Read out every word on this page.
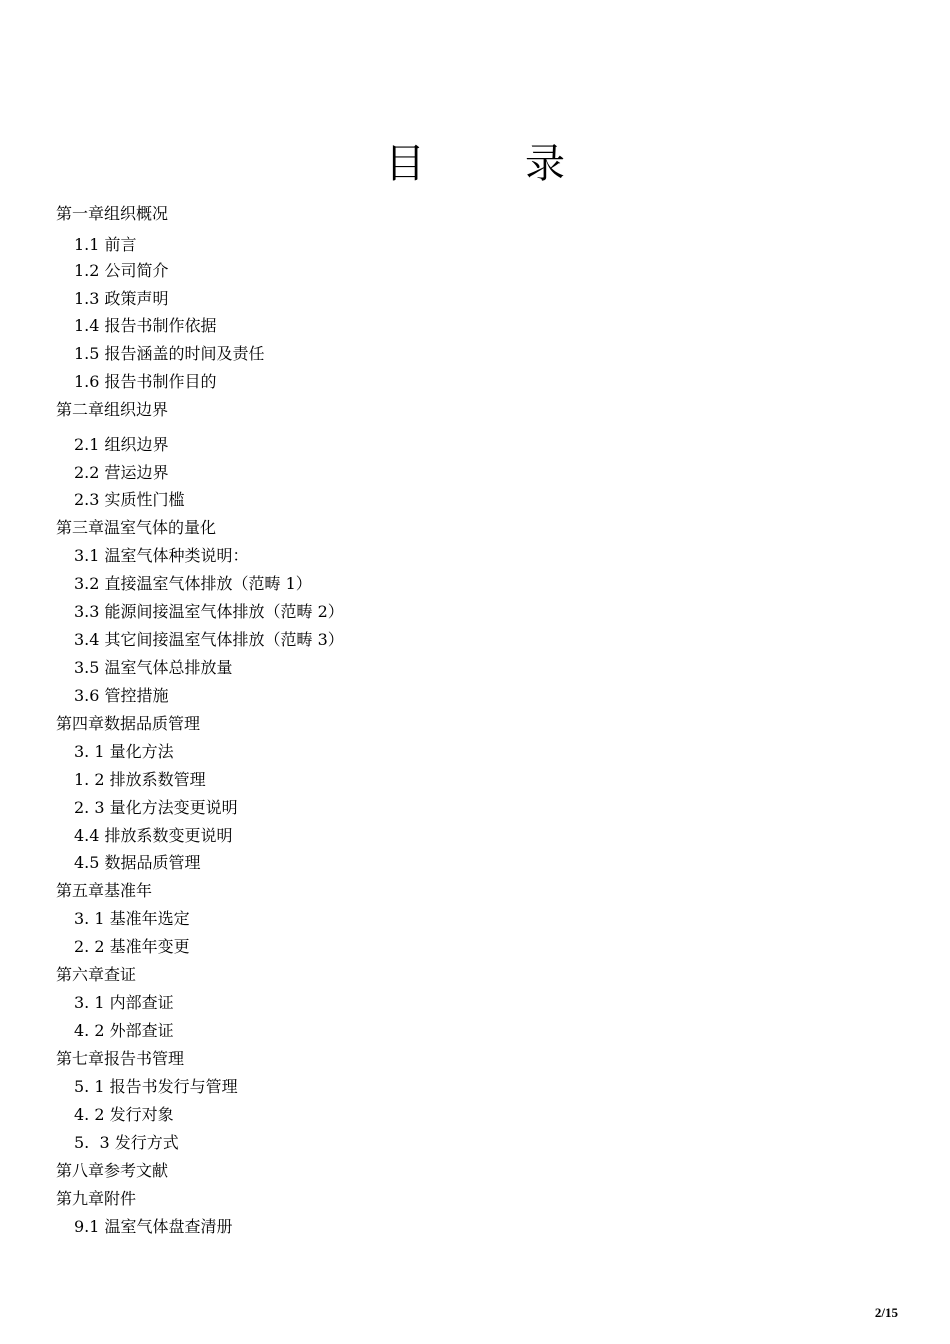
目	录
第一章组织概况
1.1 前言
1.2 公司简介
1.3 政策声明
1.4 报告书制作依据
1.5 报告涵盖的时间及责任
1.6 报告书制作目的
第二章组织边界
2.1 组织边界
2.2 营运边界
2.3 实质性门槛
第三章温室气体的量化
3.1 温室气体种类说明：
3.2 直接温室气体排放（范畴 1）
3.3 能源间接温室气体排放（范畴 2）
3.4 其它间接温室气体排放（范畴 3）
3.5 温室气体总排放量
3.6 管控措施
第四章数据品质管理
3. 1 量化方法
1. 2 排放系数管理
2. 3 量化方法变更说明
4.4 排放系数变更说明
4.5 数据品质管理
第五章基准年
3. 1 基准年选定
2. 2 基准年变更
第六章查证
3. 1 内部查证
4. 2 外部查证
第七章报告书管理
5. 1 报告书发行与管理
4. 2 发行对象
5.  3 发行方式
第八章参考文献
第九章附件
9.1 温室气体盘查清册
2/15
